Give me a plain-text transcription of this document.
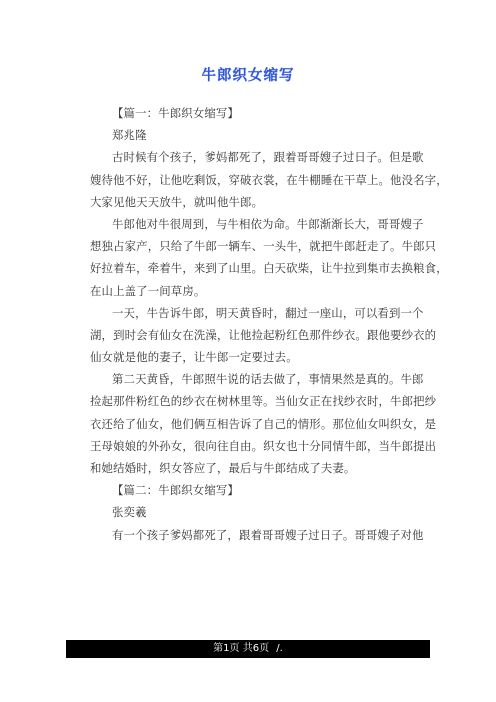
牛郎织女缩写
【篇一：牛郎织女缩写】
郑兆隆
古时候有个孩子，爹妈都死了，跟着哥哥嫂子过日子。但是歌
嫂待他不好，让他吃剩饭，穿破衣裳，在牛棚睡在干草上。他没名字，
大家见他天天放牛，就叫他牛郎。
牛郎他对牛很周到，与牛相依为命。牛郎渐渐长大，哥哥嫂子
想独占家产，只给了牛郎一辆车、一头牛，就把牛郎赶走了。牛郎只
好拉着车，牵着牛，来到了山里。白天砍柴，让牛拉到集市去换粮食，
在山上盖了一间草房。
一天，牛告诉牛郎，明天黄昏时，翻过一座山，可以看到一个
湖，到时会有仙女在洗澡，让他捡起粉红色那件纱衣。跟他要纱衣的
仙女就是他的妻子，让牛郎一定要过去。
第二天黄昏，牛郎照牛说的话去做了，事情果然是真的。牛郎
捡起那件粉红色的纱衣在树林里等。当仙女正在找纱衣时，牛郎把纱
衣还给了仙女，他们俩互相告诉了自己的情形。那位仙女叫织女，是
王母娘娘的外孙女，很向往自由。织女也十分同情牛郎，当牛郎提出
和她结婚时，织女答应了，最后与牛郎结成了夫妻。
【篇二：牛郎织女缩写】
张奕羲
有一个孩子爹妈都死了，跟着哥哥嫂子过日子。哥哥嫂子对他
第1页 共6页 /.
